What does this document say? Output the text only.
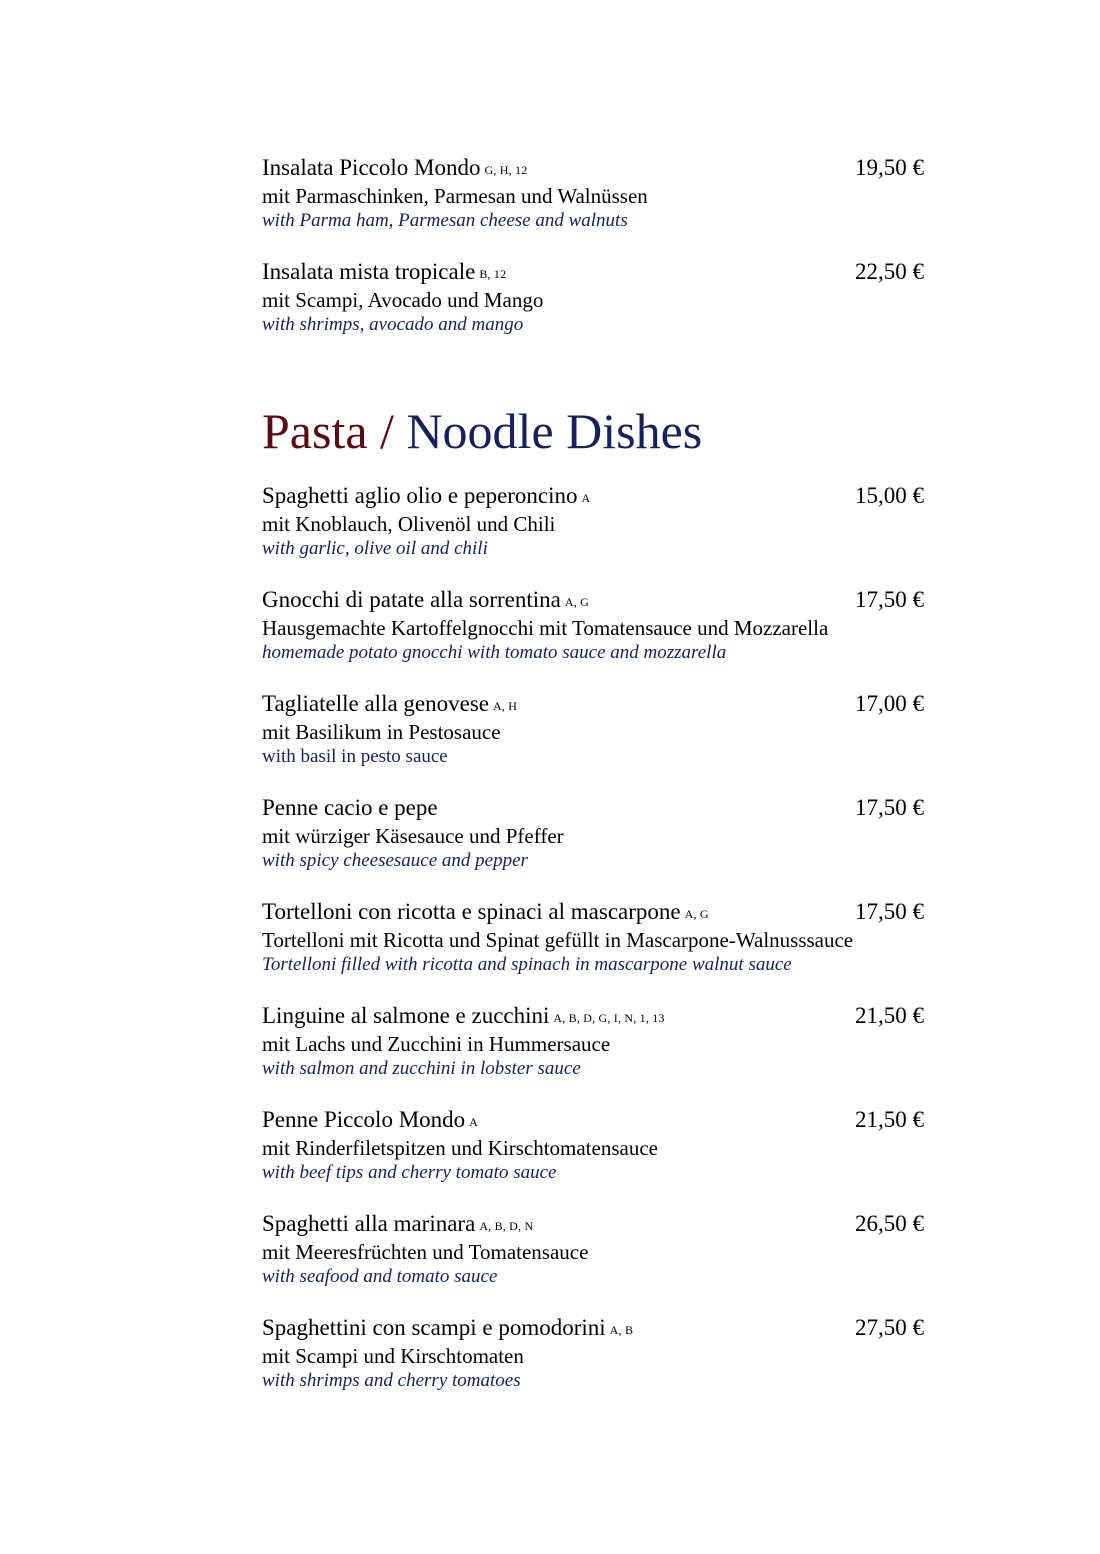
Insalata Piccolo Mondo G, H, 12	19,50 €
mit Parmaschinken, Parmesan und Walnüssen
with Parma ham, Parmesan cheese and walnuts
Insalata mista tropicale B, 12	22,50 €
mit Scampi, Avocado und Mango
with shrimps, avocado and mango
Pasta / Noodle Dishes
Spaghetti aglio olio e peperoncino A	15,00 €
mit Knoblauch, Olivenöl und Chili
with garlic, olive oil and chili
Gnocchi di patate alla sorrentina A, G	17,50 €
Hausgemachte Kartoffelgnocchi mit Tomatensauce und Mozzarella
homemade potato gnocchi with tomato sauce and mozzarella
Tagliatelle alla genovese A, H	17,00 €
mit Basilikum in Pestosauce
with basil in pesto sauce
Penne cacio e pepe	17,50 €
mit würziger Käsesauce und Pfeffer
with spicy cheesesauce and pepper
Tortelloni con ricotta e spinaci al mascarpone A, G	17,50 €
Tortelloni mit Ricotta und Spinat gefüllt in Mascarpone-Walnusssauce
Tortelloni filled with ricotta and spinach in mascarpone walnut sauce
Linguine al salmone e zucchini A, B, D, G, I, N, 1, 13	21,50 €
mit Lachs und Zucchini in Hummersauce
with salmon and zucchini in lobster sauce
Penne Piccolo Mondo A	21,50 €
mit Rinderfiletspitzen und Kirschtomatensauce
with beef tips and cherry tomato sauce
Spaghetti alla marinara A, B, D, N	26,50 €
mit Meeresfrüchten und Tomatensauce
with seafood and tomato sauce
Spaghettini con scampi e pomodorini A, B	27,50 €
mit Scampi und Kirschtomaten
with shrimps and cherry tomatoes
